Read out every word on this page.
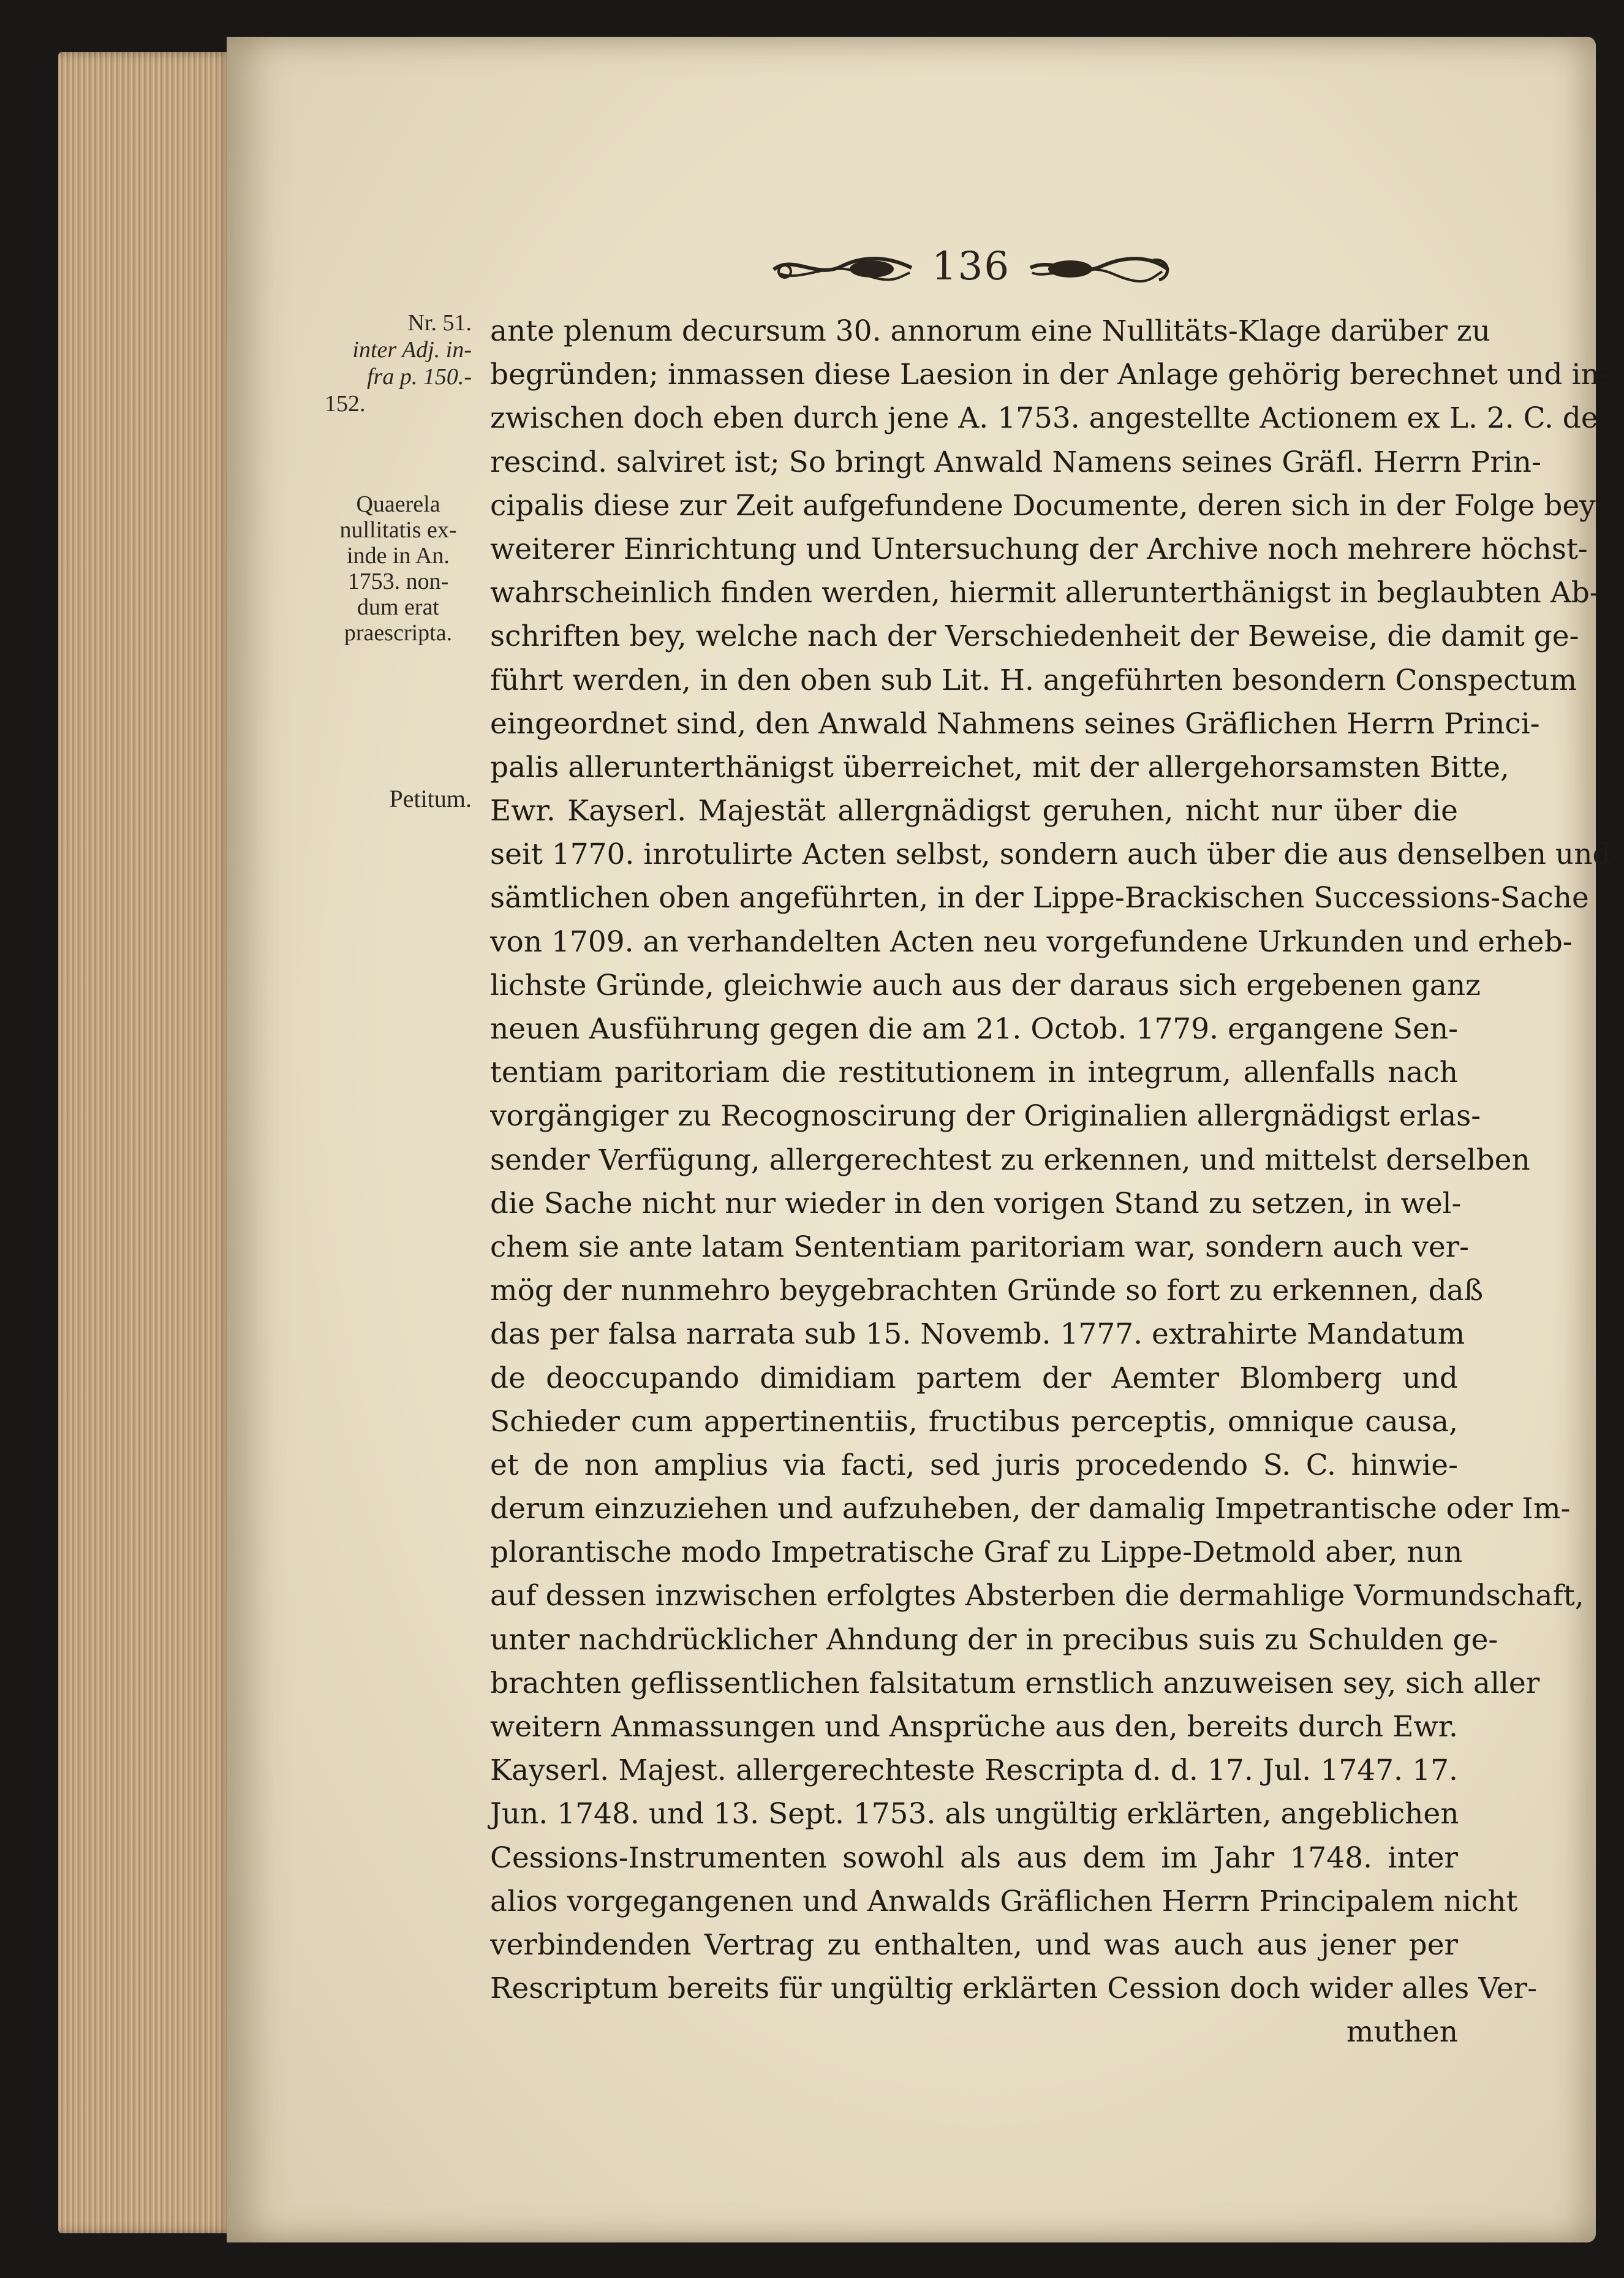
136
Nr. 51.
inter Adj. in-
fra p. 150.-
152.
Quaerela
nullitatis ex-
inde in An.
1753. non-
dum erat
praescripta.
Petitum.
ante plenum decursum 30. annorum eine Nullitäts-Klage darüber zu
begründen; inmassen diese Laesion in der Anlage gehörig berechnet und in-
zwischen doch eben durch jene A. 1753. angestellte Actionem ex L. 2. C. de
rescind. salviret ist; So bringt Anwald Namens seines Gräfl. Herrn Prin-
cipalis diese zur Zeit aufgefundene Documente, deren sich in der Folge bey
weiterer Einrichtung und Untersuchung der Archive noch mehrere höchst-
wahrscheinlich finden werden, hiermit allerunterthänigst in beglaubten Ab-
schriften bey, welche nach der Verschiedenheit der Beweise, die damit ge-
führt werden, in den oben sub Lit. H. angeführten besondern Conspectum
eingeordnet sind, den Anwald Nahmens seines Gräflichen Herrn Princi-
palis allerunterthänigst überreichet, mit der allergehorsamsten Bitte,
Ewr. Kayserl. Majestät allergnädigst geruhen, nicht nur über die
seit 1770. inrotulirte Acten selbst, sondern auch über die aus denselben und
sämtlichen oben angeführten, in der Lippe-Brackischen Successions-Sache
von 1709. an verhandelten Acten neu vorgefundene Urkunden und erheb-
lichste Gründe, gleichwie auch aus der daraus sich ergebenen ganz
neuen Ausführung gegen die am 21. Octob. 1779. ergangene Sen-
tentiam paritoriam die restitutionem in integrum, allenfalls nach
vorgängiger zu Recognoscirung der Originalien allergnädigst erlas-
sender Verfügung, allergerechtest zu erkennen, und mittelst derselben
die Sache nicht nur wieder in den vorigen Stand zu setzen, in wel-
chem sie ante latam Sententiam paritoriam war, sondern auch ver-
mög der nunmehro beygebrachten Gründe so fort zu erkennen, daß
das per falsa narrata sub 15. Novemb. 1777. extrahirte Mandatum
de deoccupando dimidiam partem der Aemter Blomberg und
Schieder cum appertinentiis, fructibus perceptis, omnique causa,
et de non amplius via facti, sed juris procedendo S. C. hinwie-
derum einzuziehen und aufzuheben, der damalig Impetrantische oder Im-
plorantische modo Impetratische Graf zu Lippe-Detmold aber, nun
auf dessen inzwischen erfolgtes Absterben die dermahlige Vormundschaft,
unter nachdrücklicher Ahndung der in precibus suis zu Schulden ge-
brachten geflissentlichen falsitatum ernstlich anzuweisen sey, sich aller
weitern Anmassungen und Ansprüche aus den, bereits durch Ewr.
Kayserl. Majest. allergerechteste Rescripta d. d. 17. Jul. 1747. 17.
Jun. 1748. und 13. Sept. 1753. als ungültig erklärten, angeblichen
Cessions-Instrumenten sowohl als aus dem im Jahr 1748. inter
alios vorgegangenen und Anwalds Gräflichen Herrn Principalem nicht
verbindenden Vertrag zu enthalten, und was auch aus jener per
Rescriptum bereits für ungültig erklärten Cession doch wider alles Ver-
muthen
